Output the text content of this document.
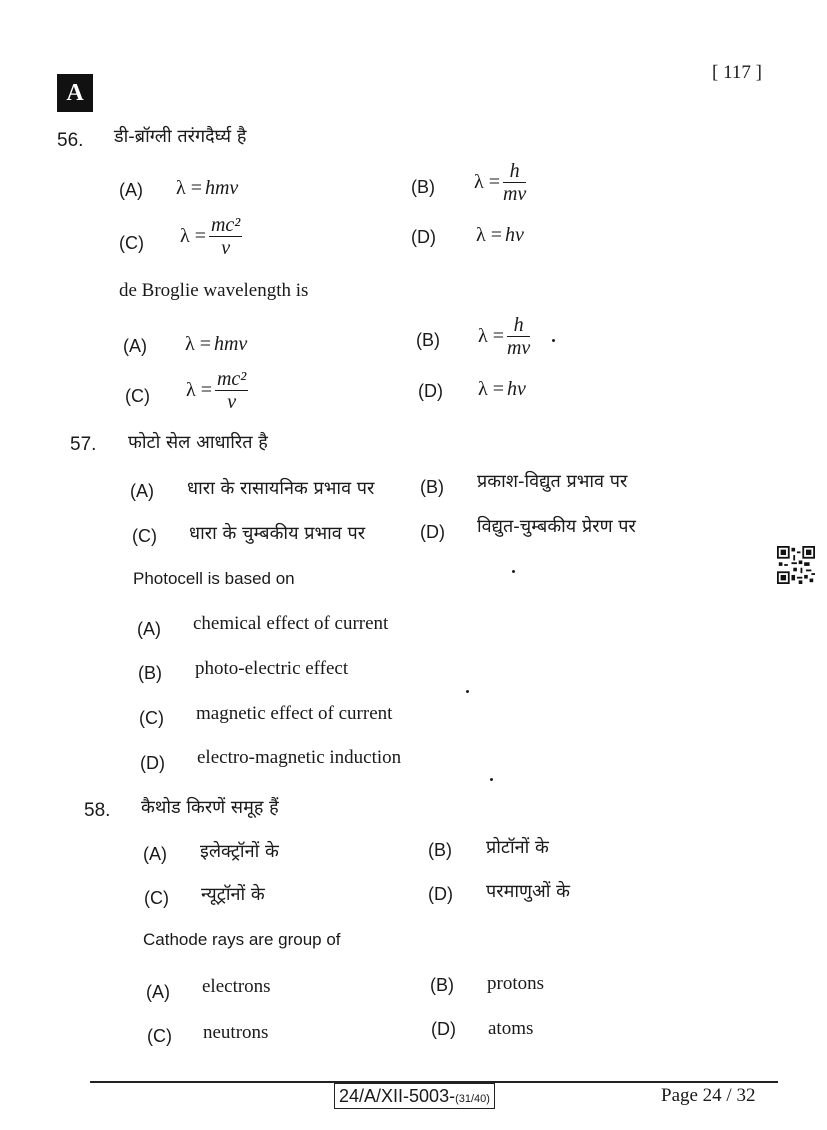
A
[ 117 ]
56. डी-ब्रॉग्ली तरंगदैर्घ्य है
(A) λ = hmv	(B) $\lambda = \frac{h}{mv}$
(C) $\lambda = \frac{\text{mc²}}{v}$	(D) λ = hv
de Broglie wavelength is
(A) λ = hmv	(B) $\lambda = \frac{h}{mv}$
(C) $\lambda = \frac{\text{mc²}}{v}$	(D) λ = hv
57. फोटो सेल आधारित है
(A) धारा के रासायनिक प्रभाव पर	(B) प्रकाश-विद्युत प्रभाव पर
(C) धारा के चुम्बकीय प्रभाव पर	(D) विद्युत-चुम्बकीय प्रेरण पर
Photocell is based on
(A) chemical effect of current
(B) photo-electric effect
(C) magnetic effect of current
(D) electro-magnetic induction
58. कैथोड किरणें समूह हैं
(A) इलेक्ट्रॉनों के	(B) प्रोटॉनों के
(C) न्यूट्रॉनों के	(D) परमाणुओं के
Cathode rays are group of
(A) electrons	(B) protons
(C) neutrons	(D) atoms
24/A/XII-5003-(31/40)	Page 24 / 32
